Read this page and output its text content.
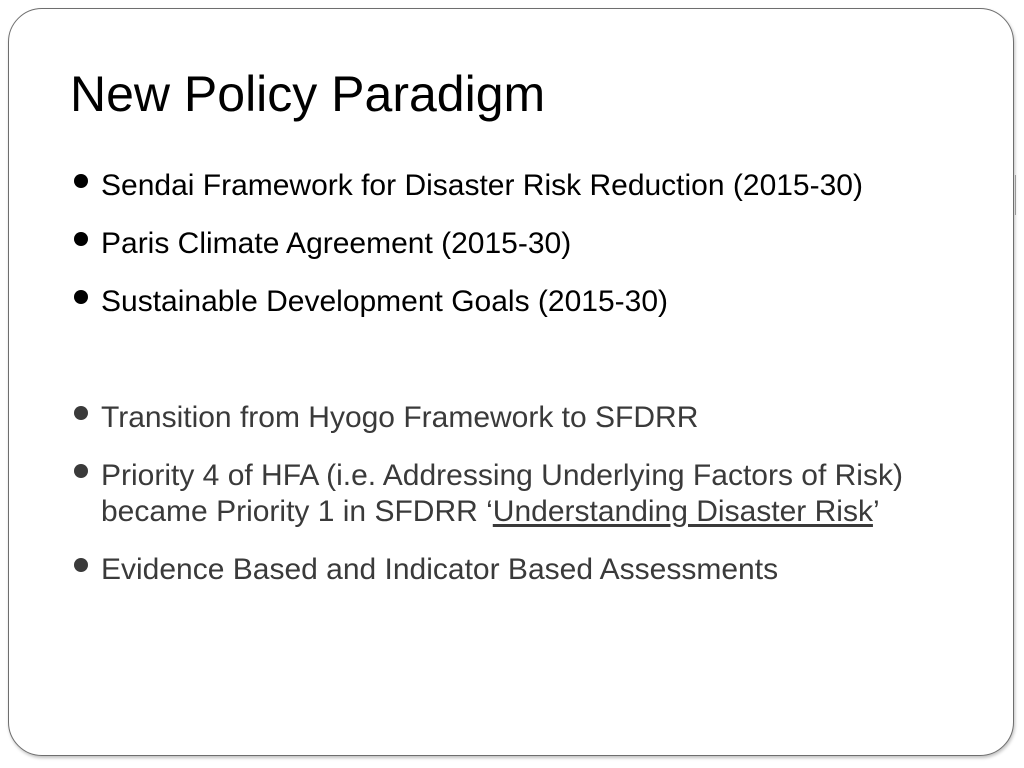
New Policy Paradigm
Sendai Framework for Disaster Risk Reduction (2015-30)
Paris Climate Agreement (2015-30)
Sustainable Development Goals (2015-30)
Transition from Hyogo Framework to SFDRR
Priority 4 of HFA (i.e. Addressing Underlying Factors of Risk) became Priority 1 in SFDRR ‘Understanding Disaster Risk’
Evidence Based and Indicator Based Assessments
